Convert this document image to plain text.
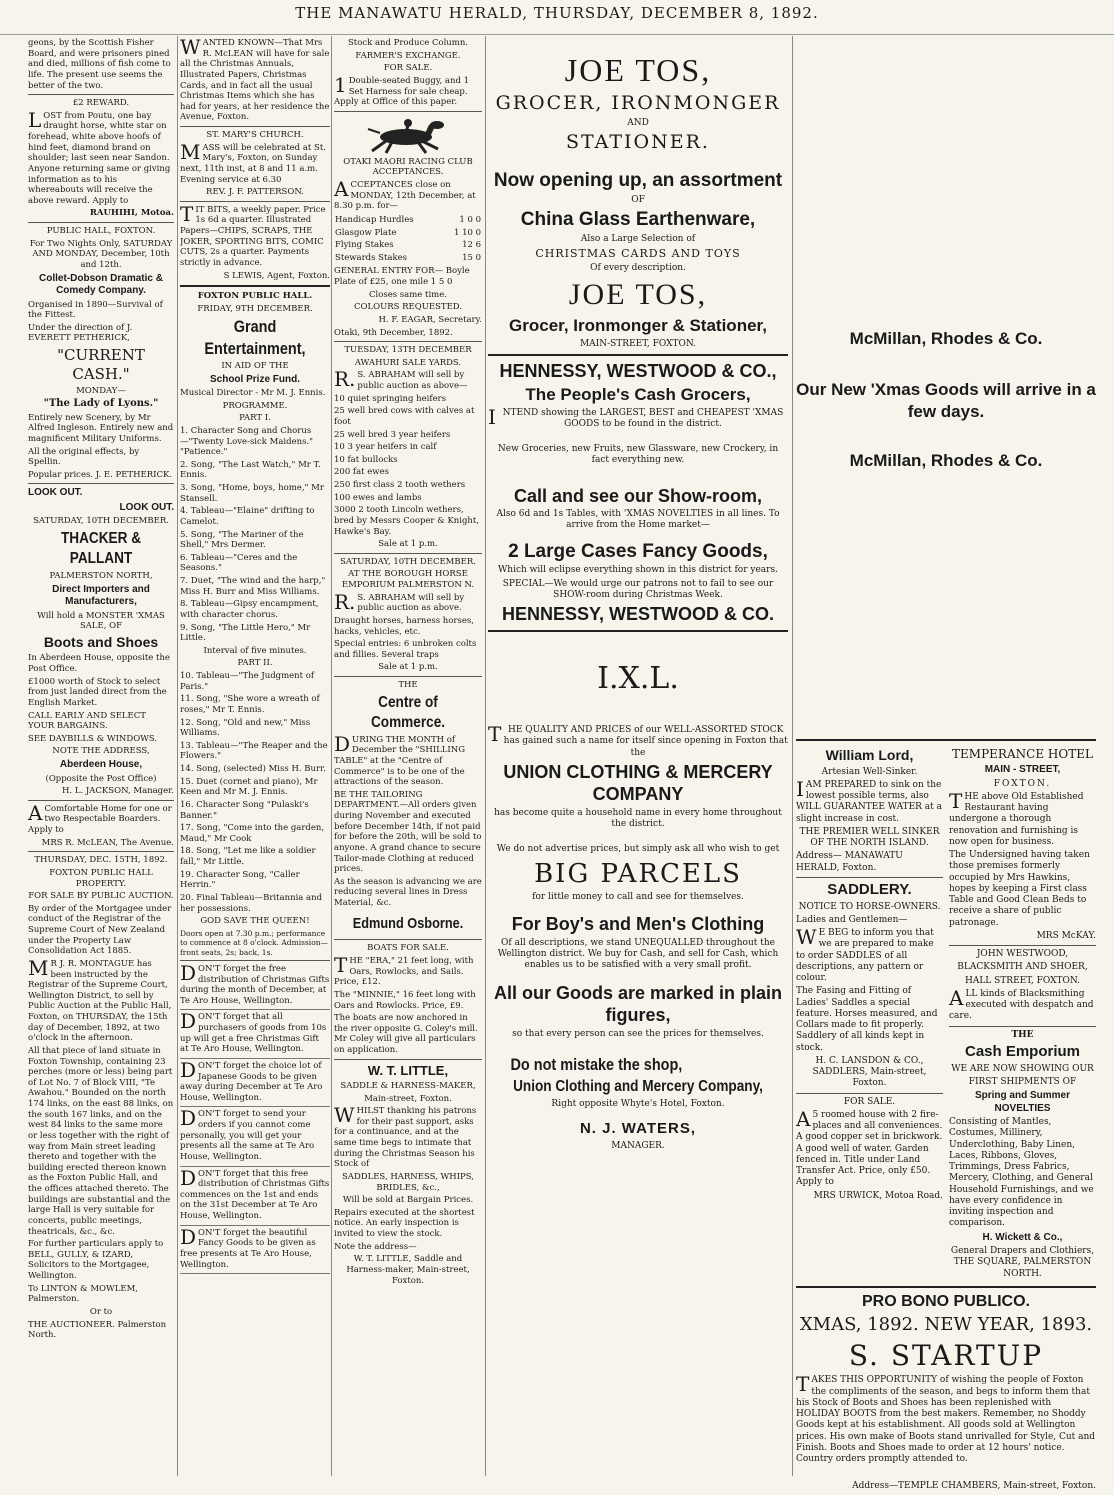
THE MANAWATU HERALD, THURSDAY, DECEMBER 8, 1892.

geons, by the Scottish Fisher Board, and were prisoners pined and died, millions of fish come to life. The present use seems the better of the two.

£2 REWARD.

LOST from Poutu, one bay draught horse, white star on forehead, white above hoofs of hind feet, diamond brand on shoulder; last seen near Sandon. Anyone returning same or giving information as to his whereabouts will receive the above reward. Apply to

RAUHIHI, Motoa.

PUBLIC HALL, FOXTON.

For Two Nights Only, SATURDAY AND MONDAY, December, 10th and 12th.

Collet-Dobson Dramatic & Comedy Company.

Organised in 1890—Survival of the Fittest.

Under the direction of J. EVERETT PETHERICK,

"CURRENT CASH."

MONDAY—

"The Lady of Lyons."

Entirely new Scenery, by Mr Alfred Ingleson. Entirely new and magnificent Military Uniforms.

All the original effects, by Spellin.

Popular prices. J. E. PETHERICK.

LOOK OUT.

LOOK OUT.

SATURDAY, 10TH DECEMBER.

THACKER & PALLANT

PALMERSTON NORTH,

Direct Importers and Manufacturers,

Will hold a MONSTER 'XMAS SALE, OF

Boots and Shoes

In Aberdeen House, opposite the Post Office.

£1000 worth of Stock to select from just landed direct from the English Market.

CALL EARLY AND SELECT YOUR BARGAINS.

SEE DAYBILLS & WINDOWS.

NOTE THE ADDRESS,

Aberdeen House,

(Opposite the Post Office)

H. L. JACKSON, Manager.

AComfortable Home for one or two Respectable Boarders. Apply to

MRS R. McLEAN, The Avenue.

THURSDAY, DEC. 15TH, 1892.

FOXTON PUBLIC HALL PROPERTY.

FOR SALE BY PUBLIC AUCTION.

By order of the Mortgagee under conduct of the Registrar of the Supreme Court of New Zealand under the Property Law Consolidation Act 1885.

MR J. R. MONTAGUE has been instructed by the Registrar of the Supreme Court, Wellington District, to sell by Public Auction at the Public Hall, Foxton, on THURSDAY, the 15th day of December, 1892, at two o'clock in the afternoon.

All that piece of land situate in Foxton Township, containing 23 perches (more or less) being part of Lot No. 7 of Block VIII, "Te Awahou." Bounded on the north 174 links, on the east 88 links, on the south 167 links, and on the west 84 links to the same more or less together with the right of way from Main street leading thereto and together with the building erected thereon known as the Foxton Public Hall, and the offices attached thereto. The buildings are substantial and the large Hall is very suitable for concerts, public meetings, theatricals, &c., &c.

For further particulars apply to BELL, GULLY, & IZARD, Solicitors to the Mortgagee, Wellington.

To LINTON & MOWLEM, Palmerston.

Or to

THE AUCTIONEER. Palmerston North.

WANTED KNOWN—That Mrs R. McLEAN will have for sale all the Christmas Annuals, Illustrated Papers, Christmas Cards, and in fact all the usual Christmas Items which she has had for years, at her residence the Avenue, Foxton.

ST. MARY'S CHURCH.

MASS will be celebrated at St. Mary's, Foxton, on Sunday next, 11th inst, at 8 and 11 a.m. Evening service at 6.30

REV. J. F. PATTERSON.

TIT BITS, a weekly paper. Price 1s 6d a quarter. Illustrated Papers—CHIPS, SCRAPS, THE JOKER, SPORTING BITS, COMIC CUTS, 2s a quarter. Payments strictly in advance.

S LEWIS, Agent, Foxton.

FOXTON PUBLIC HALL.

FRIDAY, 9TH DECEMBER.

Grand Entertainment,

IN AID OF THE

School Prize Fund.

Musical Director - Mr M. J. Ennis.

PROGRAMME.

PART I.

1. Character Song and Chorus—"Twenty Love-sick Maidens." "Patience."

2. Song, "The Last Watch," Mr T. Ennis.

3. Song, "Home, boys, home," Mr Stansell.

4. Tableau—"Elaine" drifting to Camelot.

5. Song, "The Mariner of the Shell," Mrs Dermer.

6. Tableau—"Ceres and the Seasons."

7. Duet, "The wind and the harp," Miss H. Burr and Miss Williams.

8. Tableau—Gipsy encampment, with character chorus.

9. Song, "The Little Hero," Mr Little.

Interval of five minutes.

PART II.

10. Tableau—"The Judgment of Paris."

11. Song, "She wore a wreath of roses," Mr T. Ennis.

12. Song, "Old and new," Miss Williams.

13. Tableau—"The Reaper and the Flowers."

14. Song, (selected) Miss H. Burr.

15. Duet (cornet and piano), Mr Keen and Mr M. J. Ennis.

16. Character Song "Pulaski's Banner."

17. Song, "Come into the garden, Maud," Mr Cook

18. Song, "Let me like a soldier fall," Mr Little.

19. Character Song, "Caller Herrin."

20. Final Tableau—Britannia and her possessions.

GOD SAVE THE QUEEN!

Doors open at 7.30 p.m.; performance to commence at 8 o'clock. Admission—front seats, 2s; back, 1s.

DON'T forget the free distribution of Christmas Gifts during the month of December, at Te Aro House, Wellington.

DON'T forget that all purchasers of goods from 10s up will get a free Christmas Gift at Te Aro House, Wellington.

DON'T forget the choice lot of Japanese Goods to be given away during December at Te Aro House, Wellington.

DON'T forget to send your orders if you cannot come personally, you will get your presents all the same at Te Aro House, Wellington.

DON'T forget that this free distribution of Christmas Gifts commences on the 1st and ends on the 31st December at Te Aro House, Wellington.

DON'T forget the beautiful Fancy Goods to be given as free presents at Te Aro House, Wellington.

Stock and Produce Column.

FARMER'S EXCHANGE.

FOR SALE.

1Double-seated Buggy, and 1 Set Harness for sale cheap. Apply at Office of this paper.

OTAKI MAORI RACING CLUB ACCEPTANCES.

ACCEPTANCES close on MONDAY, 12th December, at 8.30 p.m. for—

Handicap Hurdles	1 0 0
Glasgow Plate	1 10 0
Flying Stakes	12 6
Stewards Stakes	15 0

GENERAL ENTRY FOR— Boyle Plate of £25, one mile 1 5 0

Closes same time.

COLOURS REQUESTED.

H. F. EAGAR, Secretary.

Otaki, 9th December, 1892.

TUESDAY, 13TH DECEMBER

AWAHURI SALE YARDS.

R.S. ABRAHAM will sell by public auction as above—

10 quiet springing heifers

25 well bred cows with calves at foot

25 well bred 3 year heifers

10 3 year heifers in calf

10 fat bullocks

200 fat ewes

250 first class 2 tooth wethers

100 ewes and lambs

3000 2 tooth Lincoln wethers, bred by Messrs Cooper & Knight, Hawke's Bay.

Sale at 1 p.m.

SATURDAY, 10TH DECEMBER.

AT THE BOROUGH HORSE EMPORIUM PALMERSTON N.

R.S. ABRAHAM will sell by public auction as above.

Draught horses, harness horses, hacks, vehicles, etc.

Special entries: 6 unbroken colts and fillies. Several traps

Sale at 1 p.m.

THE

Centre of Commerce.

DURING THE MONTH of December the "SHILLING TABLE" at the "Centre of Commerce" is to be one of the attractions of the season.

BE THE TAILORING DEPARTMENT.—All orders given during November and executed before December 14th, if not paid for before the 20th, will be sold to anyone. A grand chance to secure Tailor-made Clothing at reduced prices.

As the season is advancing we are reducing several lines in Dress Material, &c.

Edmund Osborne.

BOATS FOR SALE.

THE "ERA," 21 feet long, with Oars, Rowlocks, and Sails. Price, £12.

The "MINNIE," 16 feet long with Oars and Rowlocks. Price, £9.

The boats are now anchored in the river opposite G. Coley's mill. Mr Coley will give all particulars on application.

W. T. LITTLE,

SADDLE & HARNESS-MAKER,

Main-street, Foxton.

WHILST thanking his patrons for their past support, asks for a continuance, and at the same time begs to intimate that during the Christmas Season his Stock of

SADDLES, HARNESS, WHIPS, BRIDLES, &c.,

Will be sold at Bargain Prices.

Repairs executed at the shortest notice. An early inspection is invited to view the stock.

Note the address—

W. T. LITTLE, Saddle and Harness-maker, Main-street, Foxton.

JOE TOS,

GROCER, IRONMONGER

AND

STATIONER.

Now opening up, an assortment

OF

China Glass Earthenware,

Also a Large Selection of

CHRISTMAS CARDS AND TOYS

Of every description.

JOE TOS,

Grocer, Ironmonger & Stationer,

MAIN-STREET, FOXTON.

HENNESSY, WESTWOOD & CO.,

The People's Cash Grocers,

INTEND showing the LARGEST, BEST and CHEAPEST 'XMAS GOODS to be found in the district.

New Groceries, new Fruits, new Glassware, new Crockery, in fact everything new.

Call and see our Show-room,

Also 6d and 1s Tables, with 'XMAS NOVELTIES in all lines. To arrive from the Home market—

2 Large Cases Fancy Goods,

Which will eclipse everything shown in this district for years.

SPECIAL—We would urge our patrons not to fail to see our SHOW-room during Christmas Week.

HENNESSY, WESTWOOD & CO.

I.X.L.

THE QUALITY AND PRICES of our WELL-ASSORTED STOCK has gained such a name for itself since opening in Foxton that the

UNION CLOTHING & MERCERY COMPANY

has become quite a household name in every home throughout the district.

We do not advertise prices, but simply ask all who wish to get

BIG PARCELS

for little money to call and see for themselves.

For Boy's and Men's Clothing

Of all descriptions, we stand UNEQUALLED throughout the Wellington district. We buy for Cash, and sell for Cash, which enables us to be satisfied with a very small profit.

All our Goods are marked in plain figures,

so that every person can see the prices for themselves.

Do not mistake the shop,

Union Clothing and Mercery Company,

Right opposite Whyte's Hotel, Foxton.

N. J. WATERS,

MANAGER.

McMillan, Rhodes & Co.

Our New 'Xmas Goods will arrive in a few days.

McMillan, Rhodes & Co.

William Lord,

Artesian Well-Sinker.

IAM PREPARED to sink on the lowest possible terms, also WILL GUARANTEE WATER at a slight increase in cost.

THE PREMIER WELL SINKER OF THE NORTH ISLAND.

Address— MANAWATU HERALD, Foxton.

SADDLERY.

NOTICE TO HORSE-OWNERS.

Ladies and Gentlemen—

WE BEG to inform you that we are prepared to make to order SADDLES of all descriptions, any pattern or colour.

The Fasing and Fitting of Ladies' Saddles a special feature. Horses measured, and Collars made to fit properly. Saddlery of all kinds kept in stock.

H. C. LANSDON & CO., SADDLERS, Main-street, Foxton.

FOR SALE.

A5 roomed house with 2 fire-places and all conveniences. A good copper set in brickwork. A good well of water. Garden fenced in. Title under Land Transfer Act. Price, only £50. Apply to

MRS URWICK, Motoa Road.

TEMPERANCE HOTEL

MAIN - STREET,

FOXTON.

THE above Old Established Restaurant having undergone a thorough renovation and furnishing is now open for business.

The Undersigned having taken those premises formerly occupied by Mrs Hawkins, hopes by keeping a First class Table and Good Clean Beds to receive a share of public patronage.

MRS McKAY.

JOHN WESTWOOD,

BLACKSMITH AND SHOER,

HALL STREET, FOXTON.

ALL kinds of Blacksmithing executed with despatch and care.

THE

Cash Emporium

WE ARE NOW SHOWING OUR

FIRST SHIPMENTS OF

Spring and Summer NOVELTIES

Consisting of Mantles, Costumes, Millinery, Underclothing, Baby Linen, Laces, Ribbons, Gloves, Trimmings, Dress Fabrics, Mercery, Clothing, and General Household Furnishings, and we have every confidence in inviting inspection and comparison.

H. Wickett & Co.,

General Drapers and Clothiers, THE SQUARE, PALMERSTON NORTH.

PRO BONO PUBLICO.

XMAS, 1892. NEW YEAR, 1893.

S. STARTUP

TAKES THIS OPPORTUNITY of wishing the people of Foxton the compliments of the season, and begs to inform them that his Stock of Boots and Shoes has been replenished with HOLIDAY BOOTS from the best makers. Remember, no Shoddy Goods kept at his establishment. All goods sold at Wellington prices. His own make of Boots stand unrivalled for Style, Cut and Finish. Boots and Shoes made to order at 12 hours' notice. Country orders promptly attended to.

Address—TEMPLE CHAMBERS, Main-street, Foxton.
